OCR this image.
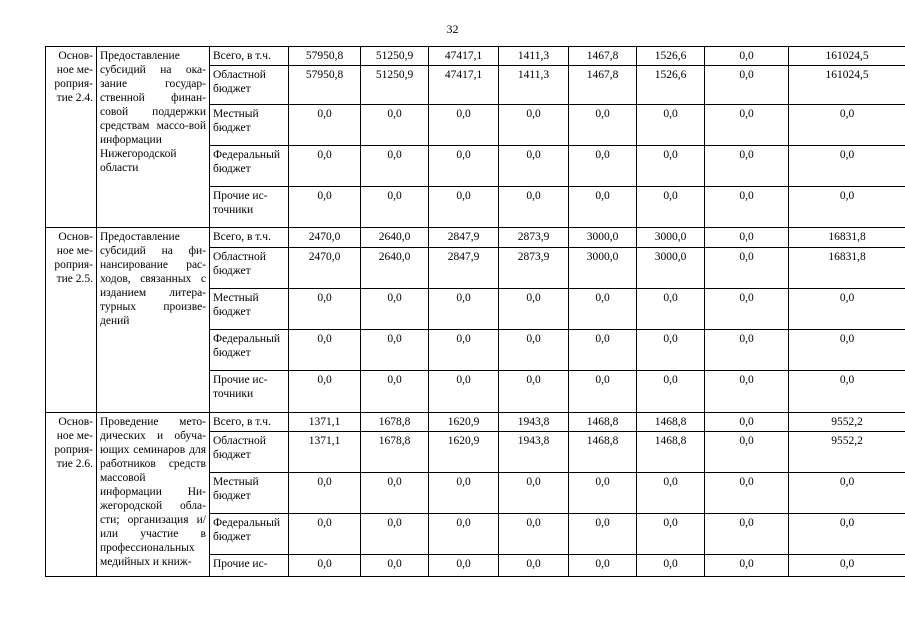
32
Основ-
ное ме-
роприя-
тие 2.4.	Предоставление субсидий на ока-зание государ-ственной финан-совой поддержки средствам массо-вой информации Нижегородской области	Всего, в т.ч.	57950,8	51250,9	47417,1	1411,3	1467,8	1526,6	0,0	161024,5

		Областной
бюджет	57950,8	51250,9	47417,1	1411,3	1467,8	1526,6	0,0	161024,5

		Местный
бюджет	0,0	0,0	0,0	0,0	0,0	0,0	0,0	0,0

		Федеральный
бюджет	0,0	0,0	0,0	0,0	0,0	0,0	0,0	0,0

		Прочие ис-
точники	0,0	0,0	0,0	0,0	0,0	0,0	0,0	0,0

Основ-
ное ме-
роприя-
тие 2.5.	Предоставление субсидий на фи-нансирование рас-ходов, связанных с изданием литера-турных произве-дений	Всего, в т.ч.	2470,0	2640,0	2847,9	2873,9	3000,0	3000,0	0,0	16831,8

		Областной
бюджет	2470,0	2640,0	2847,9	2873,9	3000,0	3000,0	0,0	16831,8

		Местный
бюджет	0,0	0,0	0,0	0,0	0,0	0,0	0,0	0,0

		Федеральный
бюджет	0,0	0,0	0,0	0,0	0,0	0,0	0,0	0,0

		Прочие ис-
точники	0,0	0,0	0,0	0,0	0,0	0,0	0,0	0,0

Основ-
ное ме-
роприя-
тие 2.6.	Проведение мето-дических и обуча-ющих семинаров для работников средств массовой информации Ни-жегородской обла-сти; организация и/или участие в профессиональных медийных и книж-	Всего, в т.ч.	1371,1	1678,8	1620,9	1943,8	1468,8	1468,8	0,0	9552,2

		Областной
бюджет	1371,1	1678,8	1620,9	1943,8	1468,8	1468,8	0,0	9552,2

		Местный
бюджет	0,0	0,0	0,0	0,0	0,0	0,0	0,0	0,0

		Федеральный
бюджет	0,0	0,0	0,0	0,0	0,0	0,0	0,0	0,0

		Прочие ис-	0,0	0,0	0,0	0,0	0,0	0,0	0,0	0,0
